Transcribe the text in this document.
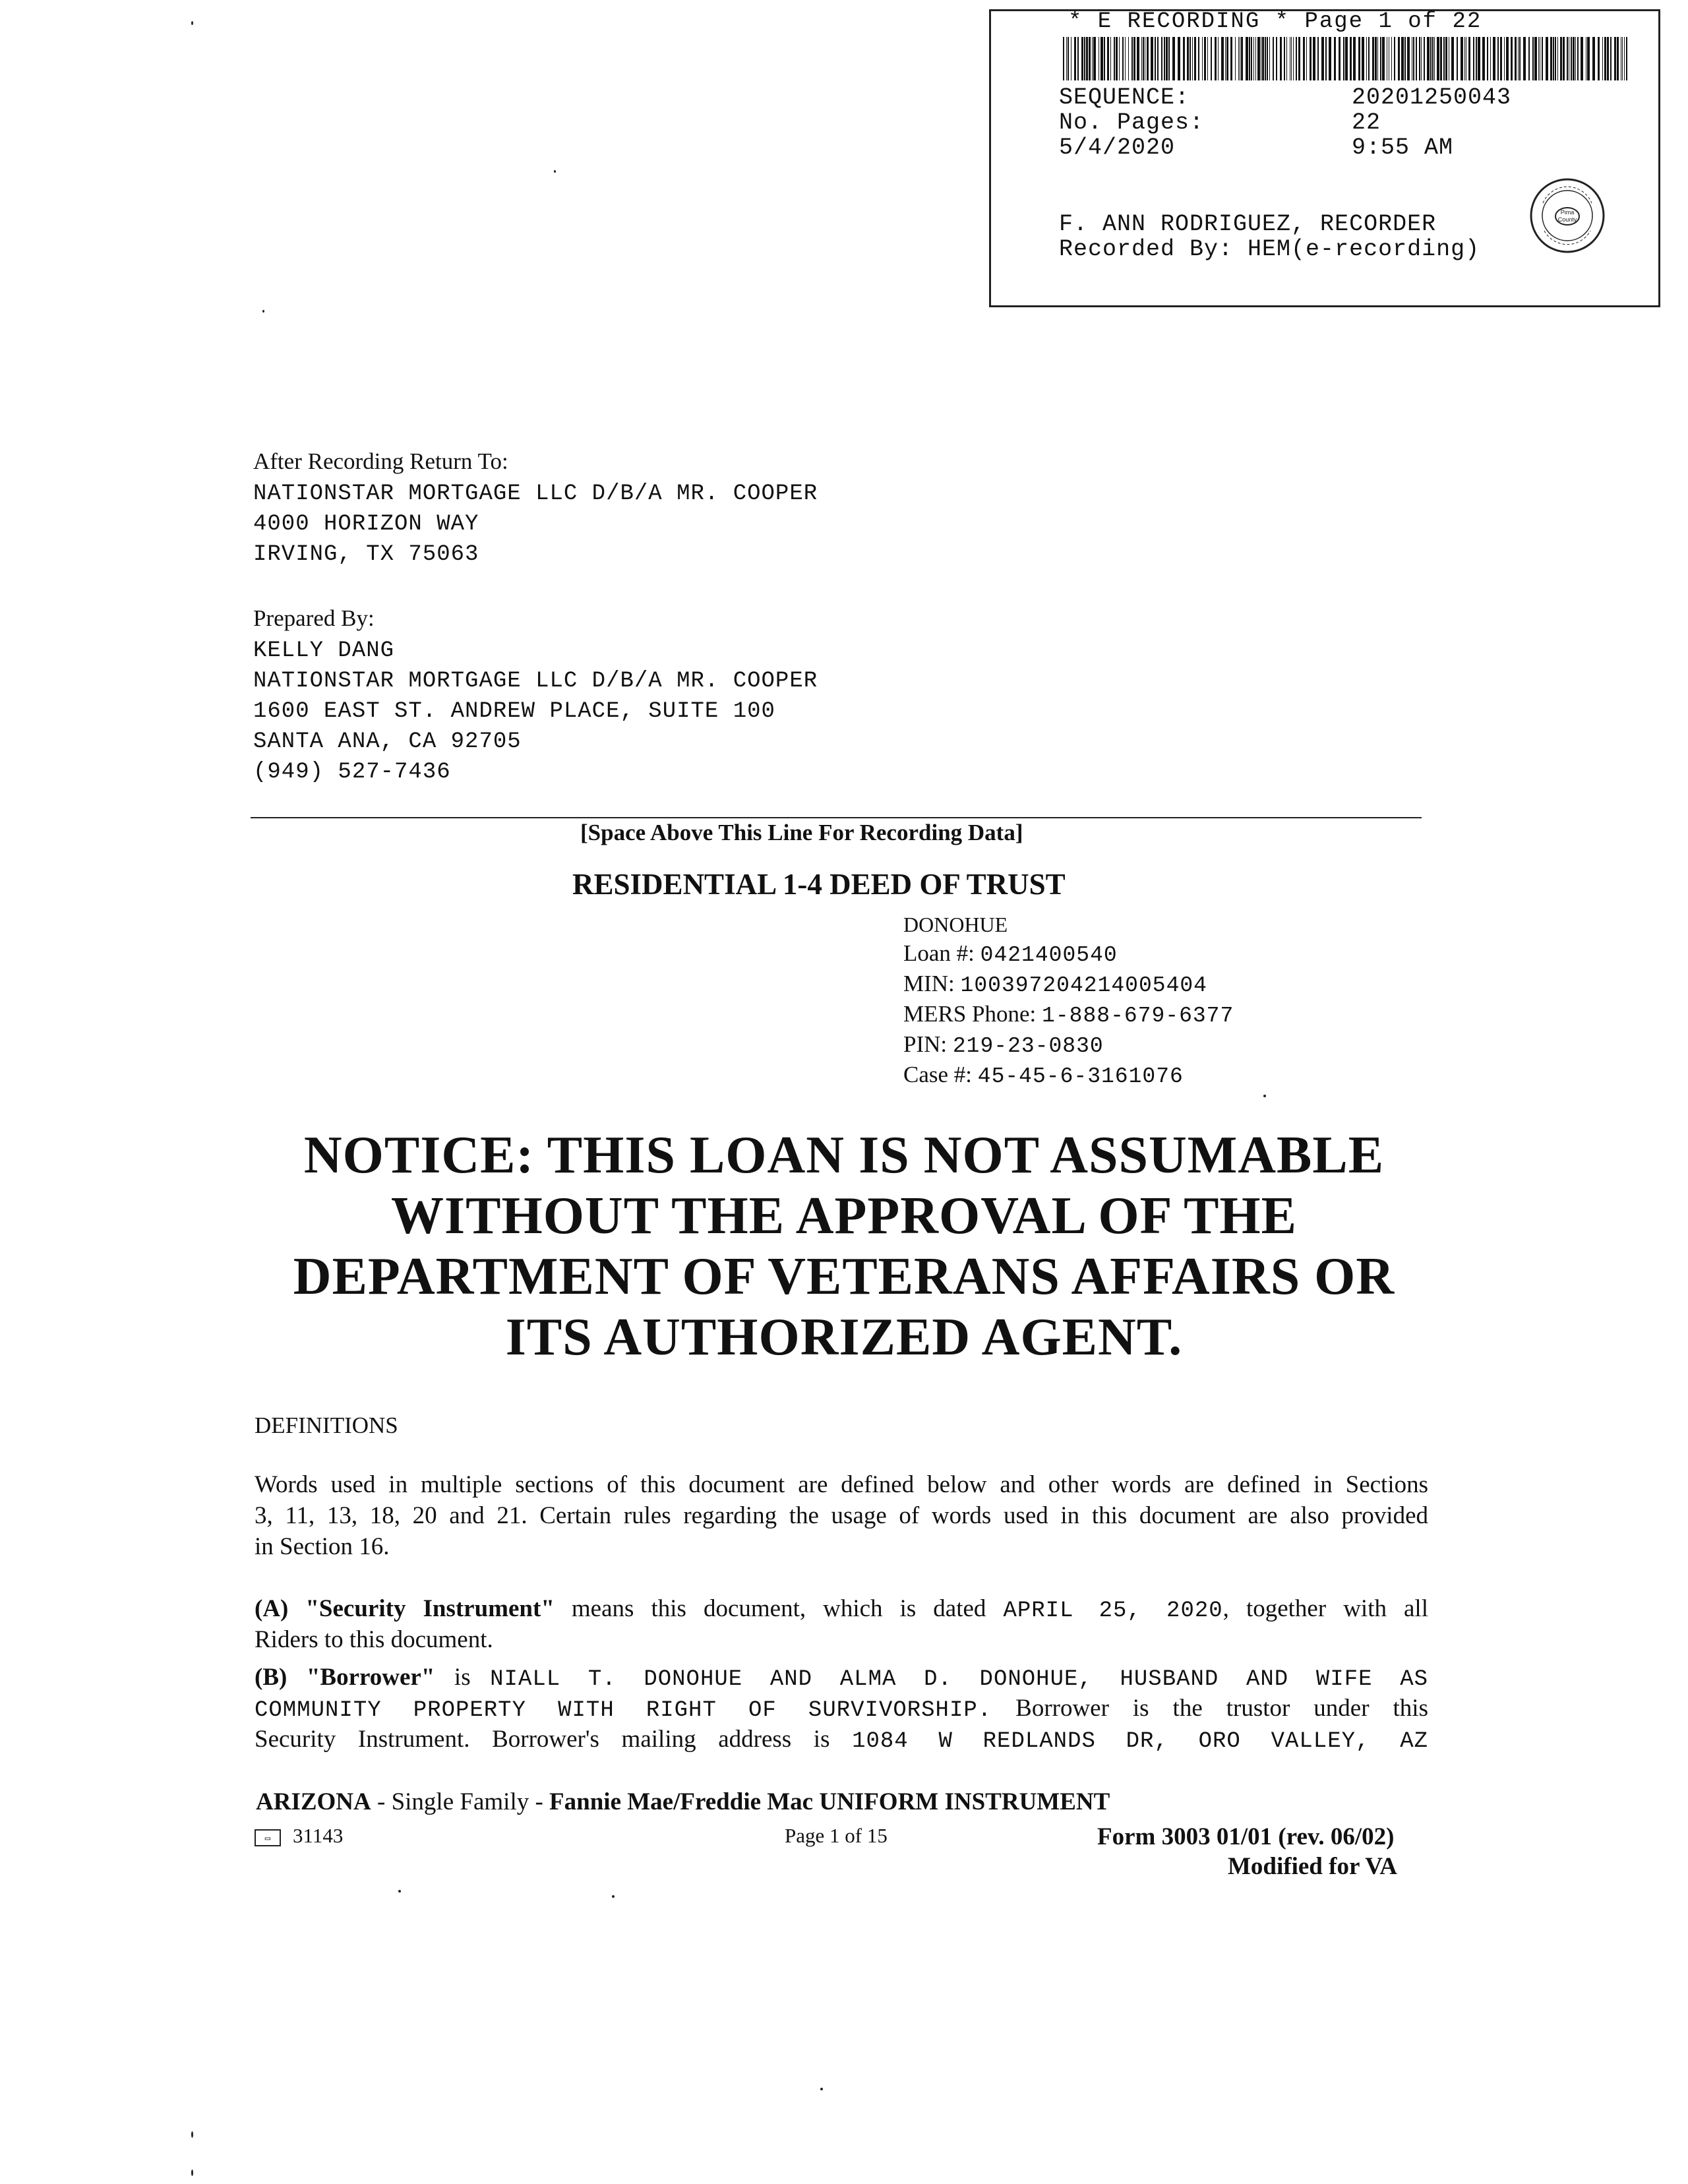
* E RECORDING * Page 1 of 22
SEQUENCE:	20201250043
No. Pages:	22
5/4/2020	9:55 AM
F. ANN RODRIGUEZ, RECORDER
Recorded By: HEM(e-recording)
Pima
County
After Recording Return To:
NATIONSTAR MORTGAGE LLC D/B/A MR. COOPER
4000 HORIZON WAY
IRVING, TX 75063
Prepared By:
KELLY DANG
NATIONSTAR MORTGAGE LLC D/B/A MR. COOPER
1600 EAST ST. ANDREW PLACE, SUITE 100
SANTA ANA, CA 92705
(949) 527-7436
[Space Above This Line For Recording Data]
RESIDENTIAL 1-4 DEED OF TRUST
DONOHUE
Loan #: 0421400540
MIN: 100397204214005404
MERS Phone: 1-888-679-6377
PIN: 219-23-0830
Case #: 45-45-6-3161076
NOTICE: THIS LOAN IS NOT ASSUMABLE
WITHOUT THE APPROVAL OF THE
DEPARTMENT OF VETERANS AFFAIRS OR
ITS AUTHORIZED AGENT.
DEFINITIONS
Words used in multiple sections of this document are defined below and other words are defined in Sections
3, 11, 13, 18, 20 and 21. Certain rules regarding the usage of words used in this document are also provided
in Section 16.
(A) "Security Instrument" means this document, which is dated APRIL 25, 2020, together with all
Riders to this document.
(B) "Borrower" is NIALL T. DONOHUE AND ALMA D. DONOHUE, HUSBAND AND WIFE AS
COMMUNITY PROPERTY WITH RIGHT OF SURVIVORSHIP. Borrower is the trustor under this
Security Instrument. Borrower's mailing address is 1084 W REDLANDS DR, ORO VALLEY, AZ
ARIZONA - Single Family - Fannie Mae/Freddie Mac UNIFORM INSTRUMENT
▭	31143	Page 1 of 15	Form 3003 01/01 (rev. 06/02)
Modified for VA
